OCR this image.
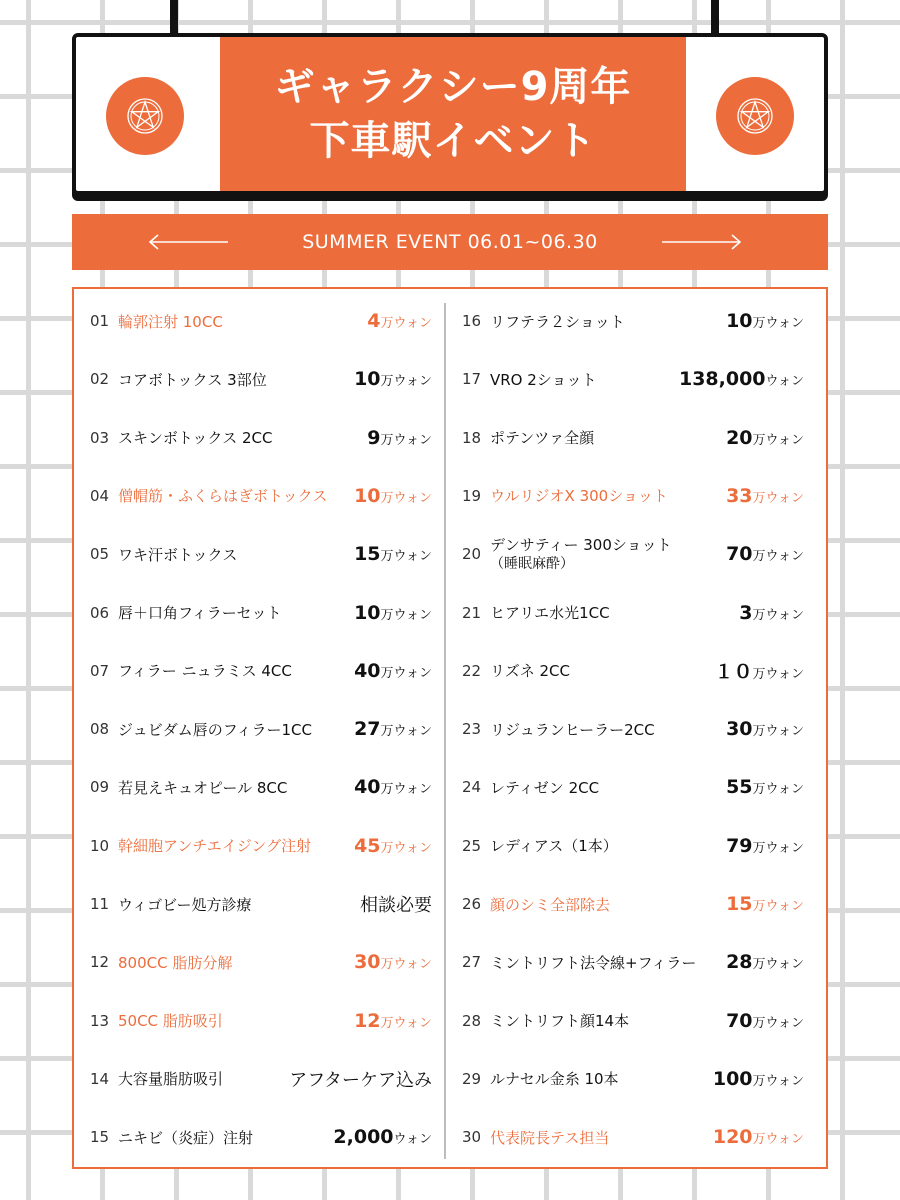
ギャラクシー9周年
下車駅イベント
SUMMER EVENT 06.01~06.30
01 輪郭注射 10CC	4万ウォン
02 コアボトックス 3部位	10万ウォン
03 スキンボトックス 2CC	9万ウォン
04 僧帽筋・ふくらはぎボトックス	10万ウォン
05 ワキ汗ボトックス	15万ウォン
06 唇＋口角フィラーセット	10万ウォン
07 フィラー ニュラミス 4CC	40万ウォン
08 ジュビダム唇のフィラー1CC	27万ウォン
09 若見えキュオピール 8CC	40万ウォン
10 幹細胞アンチエイジング注射	45万ウォン
11 ウィゴビー処方診療	相談必要
12 800CC 脂肪分解	30万ウォン
13 50CC 脂肪吸引	12万ウォン
14 大容量脂肪吸引	アフターケア込み
15 ニキビ（炎症）注射	2,000ウォン
16 リフテラ２ショット	10万ウォン
17 VRO 2ショット	138,000ウォン
18 ポテンツァ全顔	20万ウォン
19 ウルリジオX 300ショット	33万ウォン
20 デンサティー 300ショット
（睡眠麻酔）	70万ウォン
21 ヒアリエ水光1CC	3万ウォン
22 リズネ 2CC	１０万ウォン
23 リジュランヒーラー2CC	30万ウォン
24 レティゼン 2CC	55万ウォン
25 レディアス（1本）	79万ウォン
26 顔のシミ全部除去	15万ウォン
27 ミントリフト法令線+フィラー	28万ウォン
28 ミントリフト顔14本	70万ウォン
29 ルナセル金糸 10本	100万ウォン
30 代表院長テス担当	120万ウォン
